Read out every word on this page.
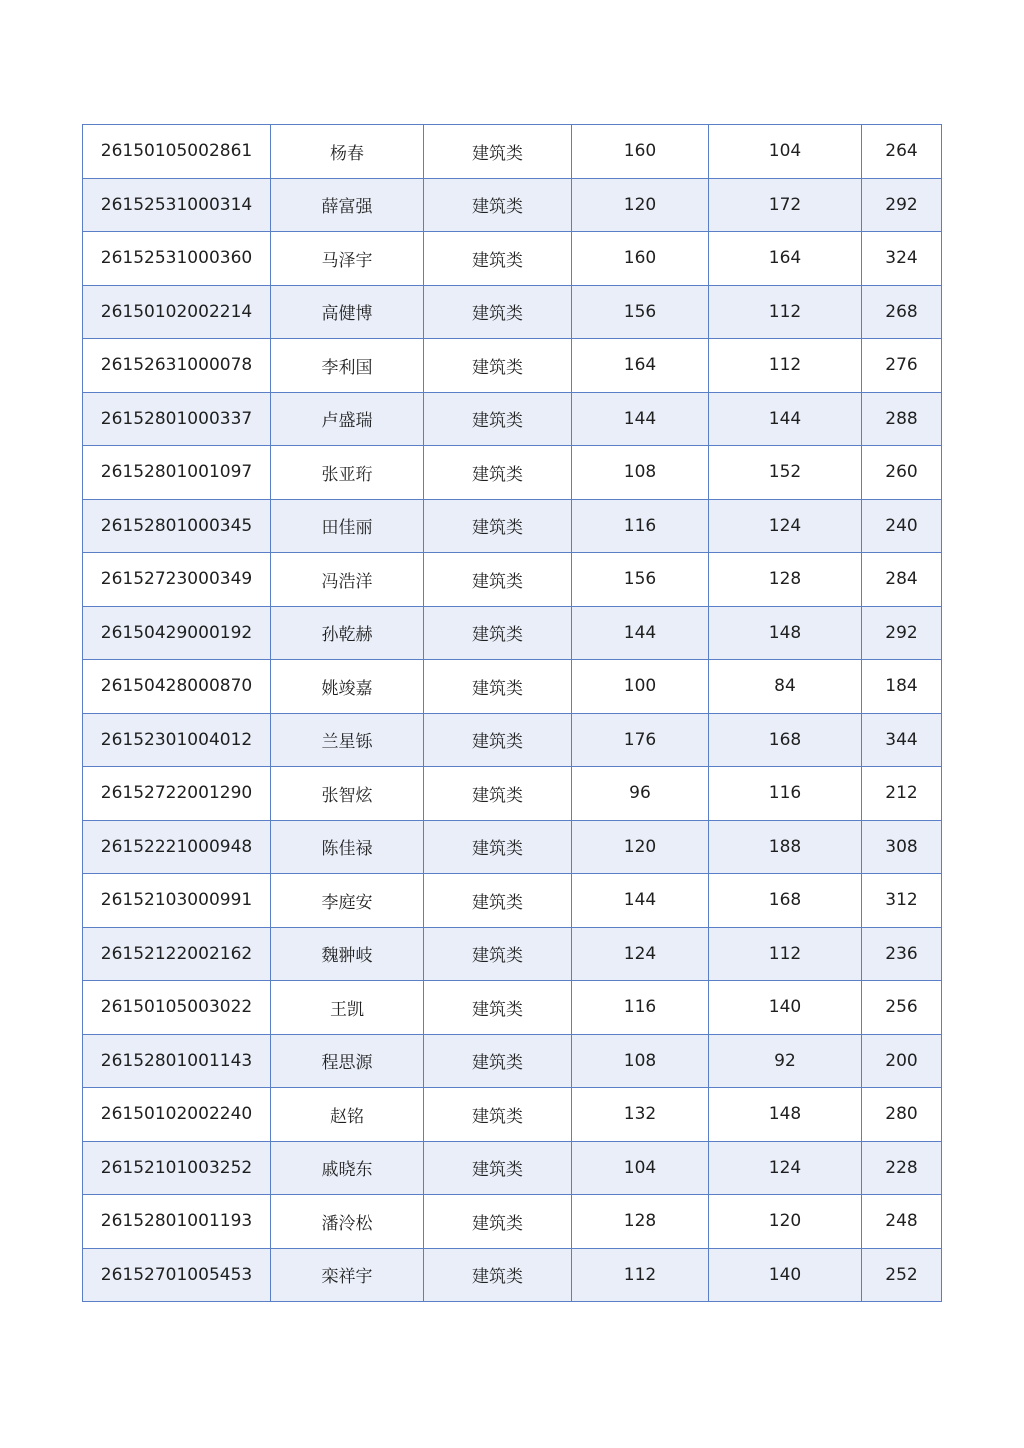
26150105002861	杨春	建筑类	160	104	264
26152531000314	薛富强	建筑类	120	172	292
26152531000360	马泽宇	建筑类	160	164	324
26150102002214	高健博	建筑类	156	112	268
26152631000078	李利国	建筑类	164	112	276
26152801000337	卢盛瑞	建筑类	144	144	288
26152801001097	张亚珩	建筑类	108	152	260
26152801000345	田佳丽	建筑类	116	124	240
26152723000349	冯浩洋	建筑类	156	128	284
26150429000192	孙乾赫	建筑类	144	148	292
26150428000870	姚竣嘉	建筑类	100	84	184
26152301004012	兰星铄	建筑类	176	168	344
26152722001290	张智炫	建筑类	96	116	212
26152221000948	陈佳禄	建筑类	120	188	308
26152103000991	李庭安	建筑类	144	168	312
26152122002162	魏翀岐	建筑类	124	112	236
26150105003022	王凯	建筑类	116	140	256
26152801001143	程思源	建筑类	108	92	200
26150102002240	赵铭	建筑类	132	148	280
26152101003252	戚晓东	建筑类	104	124	228
26152801001193	潘泠松	建筑类	128	120	248
26152701005453	栾祥宇	建筑类	112	140	252
